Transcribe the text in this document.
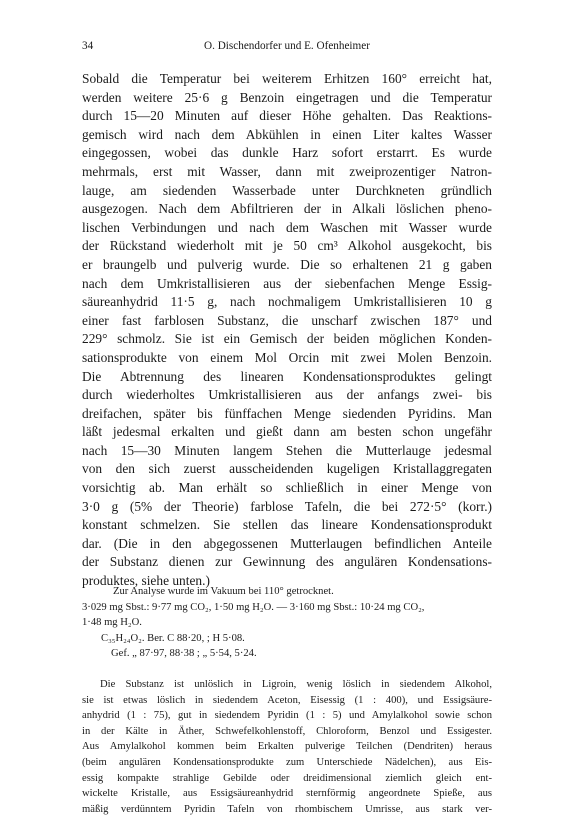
34	O. Dischendorfer und E. Ofenheimer
Sobald die Temperatur bei weiterem Erhitzen 160° erreicht hat,
werden weitere 25·6 g Benzoin eingetragen und die Temperatur
durch 15—20 Minuten auf dieser Höhe gehalten. Das Reaktions-
gemisch wird nach dem Abkühlen in einen Liter kaltes Wasser
eingegossen, wobei das dunkle Harz sofort erstarrt. Es wurde
mehrmals, erst mit Wasser, dann mit zweiprozentiger Natron-
lauge, am siedenden Wasserbade unter Durchkneten gründlich
ausgezogen. Nach dem Abfiltrieren der in Alkali löslichen pheno-
lischen Verbindungen und nach dem Waschen mit Wasser wurde
der Rückstand wiederholt mit je 50 cm³ Alkohol ausgekocht, bis
er braungelb und pulverig wurde. Die so erhaltenen 21 g gaben
nach dem Umkristallisieren aus der siebenfachen Menge Essig-
säureanhydrid 11·5 g, nach nochmaligem Umkristallisieren 10 g
einer fast farblosen Substanz, die unscharf zwischen 187° und
229° schmolz. Sie ist ein Gemisch der beiden möglichen Konden-
sationsprodukte von einem Mol Orcin mit zwei Molen Benzoin.
Die Abtrennung des linearen Kondensationsproduktes gelingt
durch wiederholtes Umkristallisieren aus der anfangs zwei- bis
dreifachen, später bis fünffachen Menge siedenden Pyridins. Man
läßt jedesmal erkalten und gießt dann am besten schon ungefähr
nach 15—30 Minuten langem Stehen die Mutterlauge jedesmal
von den sich zuerst ausscheidenden kugeligen Kristallaggregaten
vorsichtig ab. Man erhält so schließlich in einer Menge von
3·0 g (5% der Theorie) farblose Tafeln, die bei 272·5° (korr.)
konstant schmelzen. Sie stellen das lineare Kondensationsprodukt
dar. (Die in den abgegossenen Mutterlaugen befindlichen Anteile
der Substanz dienen zur Gewinnung des angulären Kondensations-
produktes, siehe unten.)
Zur Analyse wurde im Vakuum bei 110° getrocknet.
3·029 mg Sbst.: 9·77 mg CO₂, 1·50 mg H₂O. — 3·160 mg Sbst.: 10·24 mg CO₂,
1·48 mg H₂O.
C₃₅H₂₄O₂. Ber. C 88·20, ; H 5·08.
Gef. „ 87·97, 88·38 ; „ 5·54, 5·24.
Die Substanz ist unlöslich in Ligroin, wenig löslich in siedendem Alkohol,
sie ist etwas löslich in siedendem Aceton, Eisessig (1 : 400), und Essigsäure-
anhydrid (1 : 75), gut in siedendem Pyridin (1 : 5) und Amylalkohol sowie schon
in der Kälte in Äther, Schwefelkohlenstoff, Chloroform, Benzol und Essigester.
Aus Amylalkohol kommen beim Erkalten pulverige Teilchen (Dendriten) heraus
(beim angulären Kondensationsprodukte zum Unterschiede Nädelchen), aus Eis-
essig kompakte strahlige Gebilde oder dreidimensional ziemlich gleich ent-
wickelte Kristalle, aus Essigsäureanhydrid sternförmig angeordnete Spieße, aus
mäßig verdünntem Pyridin Tafeln von rhombischem Umrisse, aus stark ver-
